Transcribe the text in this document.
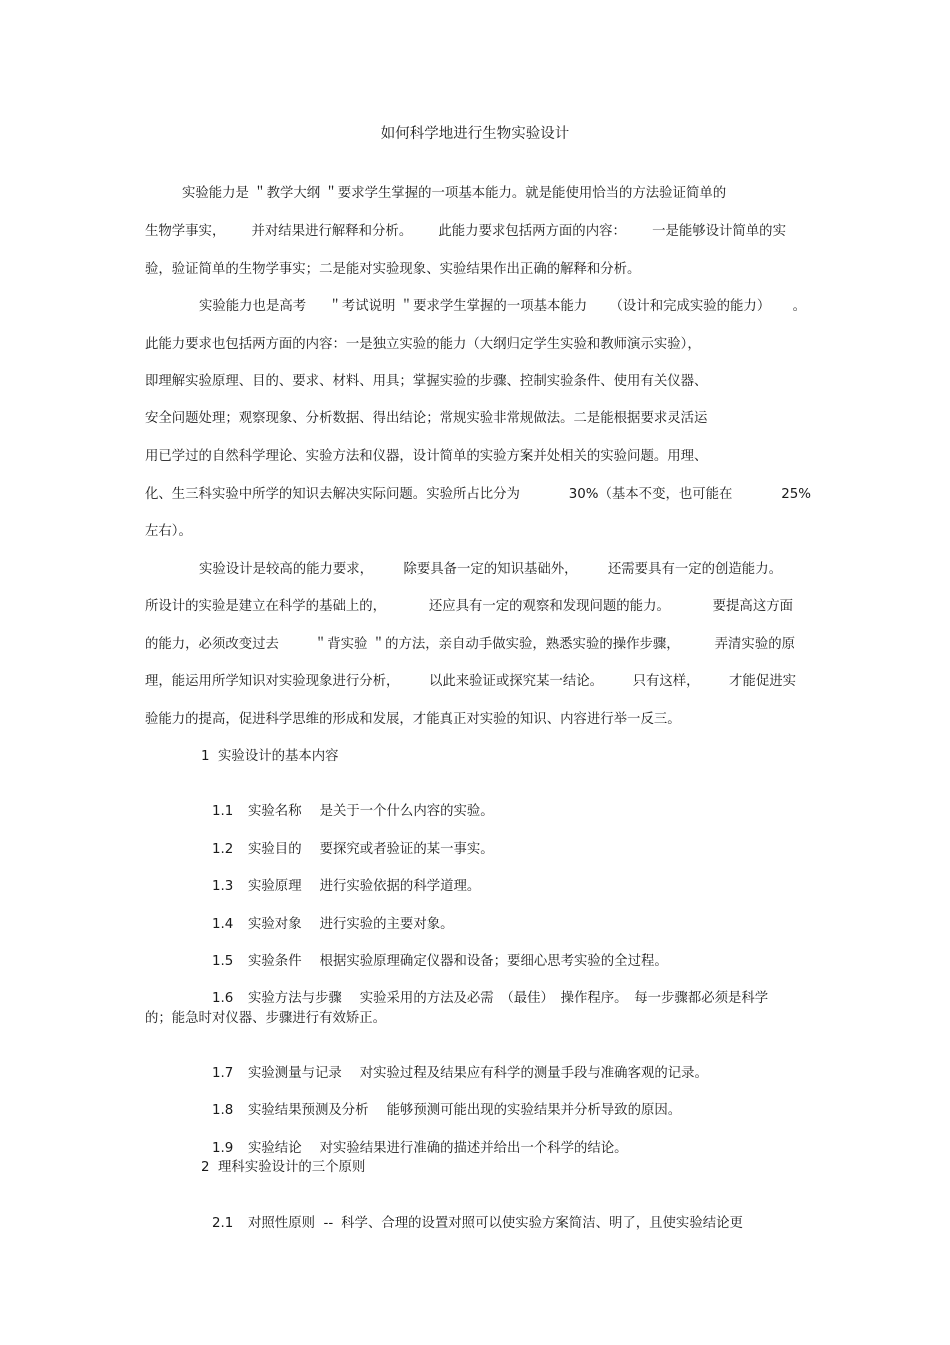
如何科学地进行生物实验设计
实验能力是 ＂教学大纲 ＂要求学生掌握的一项基本能力。就是能使用恰当的方法验证简单的
生物学事实， 并对结果进行解释和分析。 此能力要求包括两方面的内容： 一是能够设计简单的实
验，验证简单的生物学事实；二是能对实验现象、实验结果作出正确的解释和分析。
实验能力也是高考 ＂考试说明 ＂要求学生掌握的一项基本能力 （设计和完成实验的能力） 。
此能力要求也包括两方面的内容：一是独立实验的能力（大纲归定学生实验和教师演示实验），
即理解实验原理、目的、要求、材料、用具；掌握实验的步骤、控制实验条件、使用有关仪器、
安全问题处理；观察现象、分析数据、得出结论；常规实验非常规做法。二是能根据要求灵活运
用已学过的自然科学理论、实验方法和仪器，设计简单的实验方案并处相关的实验问题。用理、
化、生三科实验中所学的知识去解决实际问题。实验所占比分为	30%（基本不变，也可能在	25%
左右）。
实验设计是较高的能力要求， 除要具备一定的知识基础外， 还需要具有一定的创造能力。
所设计的实验是建立在科学的基础上的，	还应具有一定的观察和发现问题的能力。	要提高这方面
的能力，必须改变过去	＂背实验 ＂的方法，亲自动手做实验，熟悉实验的操作步骤，	弄清实验的原
理，能运用所学知识对实验现象进行分析， 以此来验证或探究某一结论。 只有这样， 才能促进实
验能力的提高，促进科学思维的形成和发展，才能真正对实验的知识、内容进行举一反三。
1  实验设计的基本内容

1.1 实验名称 是关于一个什么内容的实验。

1.2 实验目的 要探究或者验证的某一事实。

1.3 实验原理 进行实验依据的科学道理。

1.4 实验对象 进行实验的主要对象。

1.5 实验条件 根据实验原理确定仪器和设备；要细心思考实验的全过程。

1.6 实验方法与步骤 实验采用的方法及必需　（最佳）　操作程序。　每一步骤都必须是科学

的；能急时对仪器、步骤进行有效矫正。

1.7 实验测量与记录 对实验过程及结果应有科学的测量手段与准确客观的记录。

1.8 实验结果预测及分析 能够预测可能出现的实验结果并分析导致的原因。

1.9 实验结论 对实验结果进行准确的描述并给出一个科学的结论。

2  理科实验设计的三个原则

2.1 对照性原则  -- 科学、合理的设置对照可以使实验方案简洁、明了，且使实验结论更
